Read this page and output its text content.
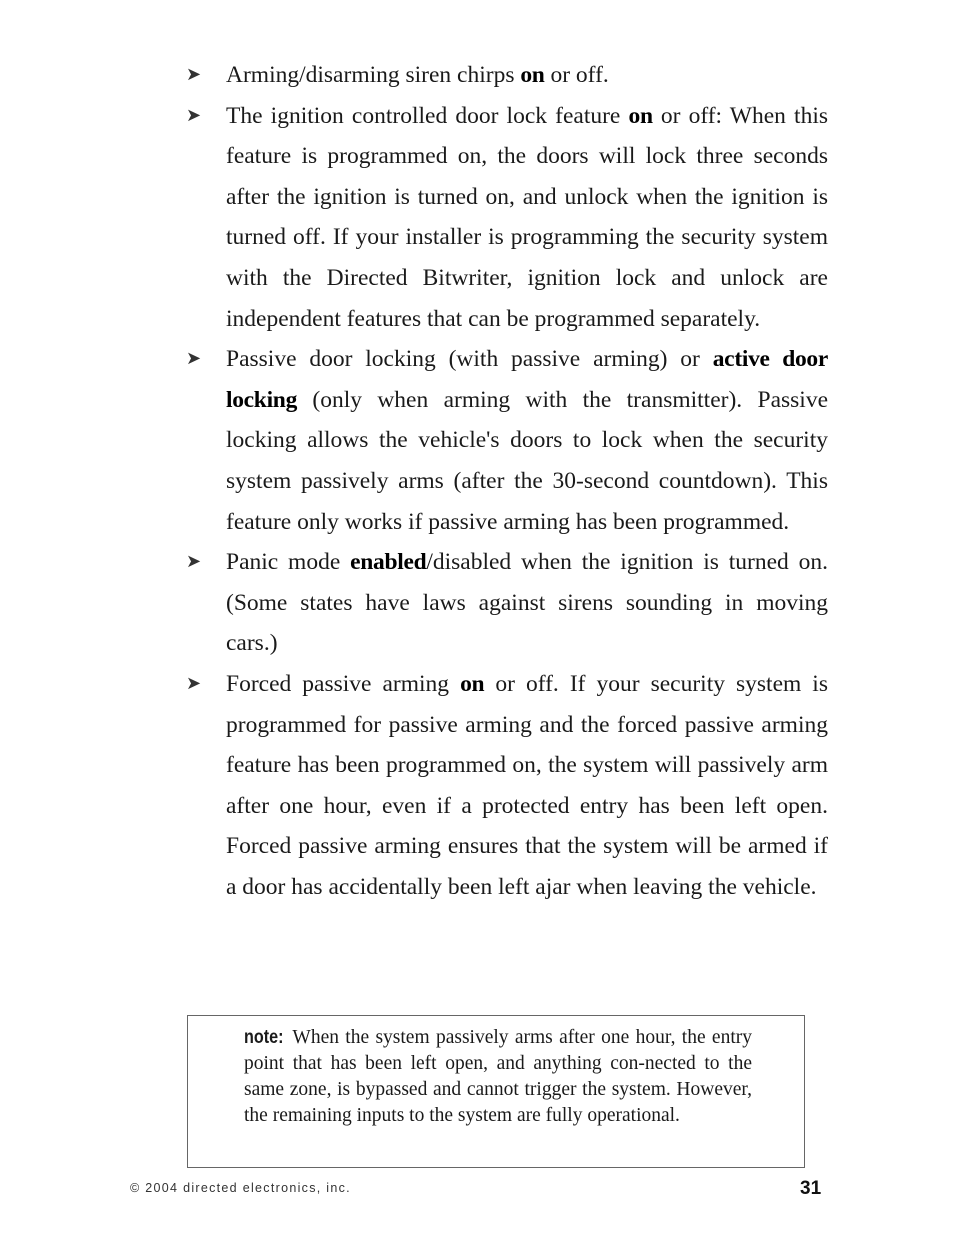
➤ Arming/disarming siren chirps on or off.

➤ The ignition controlled door lock feature on or off: When this feature is programmed on, the doors will lock three seconds after the ignition is turned on, and unlock when the ignition is turned off. If your installer is programming the security system with the Directed Bitwriter, ignition lock and unlock are independent features that can be programmed separately.

➤ Passive door locking (with passive arming) or active door locking (only when arming with the transmitter). Passive locking allows the vehicle's doors to lock when the security system passively arms (after the 30-second countdown). This feature only works if passive arming has been programmed.

➤ Panic mode enabled/disabled when the ignition is turned on. (Some states have laws against sirens sounding in moving cars.)

➤ Forced passive arming on or off. If your security system is programmed for passive arming and the forced passive arming feature has been programmed on, the system will passively arm after one hour, even if a protected entry has been left open. Forced passive arming ensures that the system will be armed if a door has accidentally been left ajar when leaving the vehicle.

note: When the system passively arms after one hour, the entry point that has been left open, and anything con-nected to the same zone, is bypassed and cannot trigger the system. However, the remaining inputs to the system are fully operational.

© 2004 directed electronics, inc.	31
